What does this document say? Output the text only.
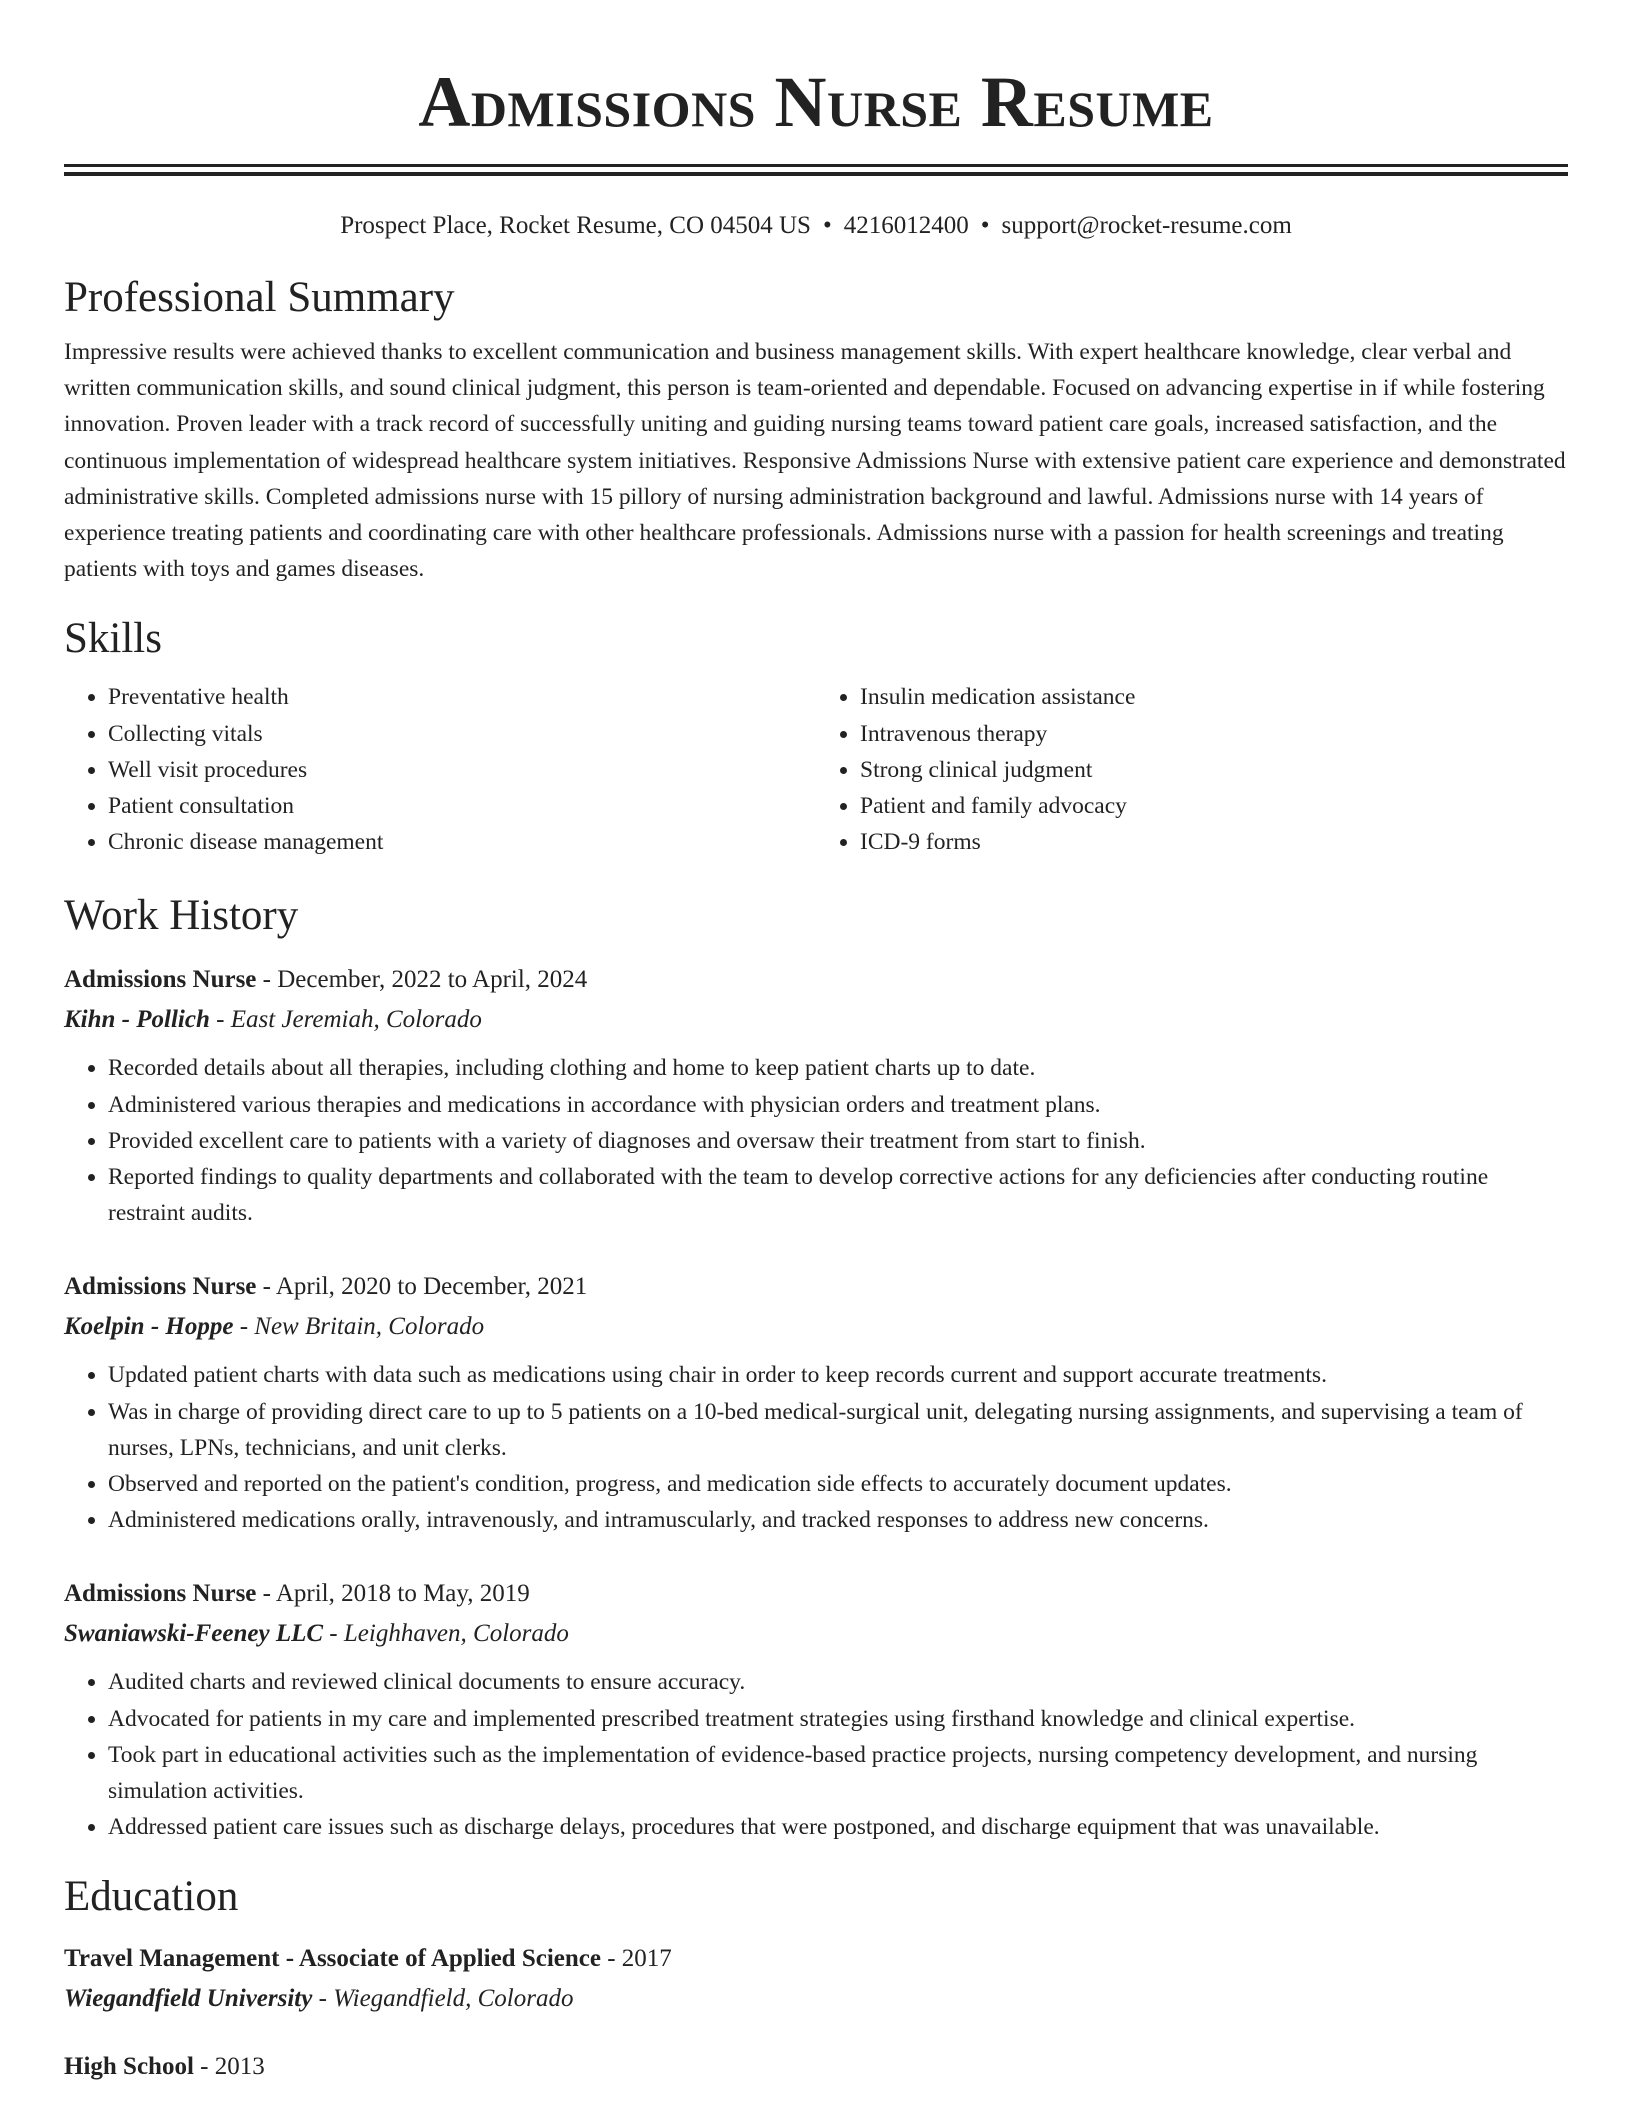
Admissions Nurse Resume
Prospect Place, Rocket Resume, CO 04504 US • 4216012400 • support@rocket-resume.com
Professional Summary

Impressive results were achieved thanks to excellent communication and business management skills. With expert healthcare knowledge, clear verbal and written communication skills, and sound clinical judgment, this person is team-oriented and dependable. Focused on advancing expertise in if while fostering innovation. Proven leader with a track record of successfully uniting and guiding nursing teams toward patient care goals, increased satisfaction, and the continuous implementation of widespread healthcare system initiatives. Responsive Admissions Nurse with extensive patient care experience and demonstrated administrative skills. Completed admissions nurse with 15 pillory of nursing administration background and lawful. Admissions nurse with 14 years of experience treating patients and coordinating care with other healthcare professionals. Admissions nurse with a passion for health screenings and treating patients with toys and games diseases.

Skills
• Preventative health
• Collecting vitals
• Well visit procedures
• Patient consultation
• Chronic disease management
• Insulin medication assistance
• Intravenous therapy
• Strong clinical judgment
• Patient and family advocacy
• ICD-9 forms
Work History
Admissions Nurse - December, 2022 to April, 2024
Kihn - Pollich - East Jeremiah, Colorado
• Recorded details about all therapies, including clothing and home to keep patient charts up to date.
• Administered various therapies and medications in accordance with physician orders and treatment plans.
• Provided excellent care to patients with a variety of diagnoses and oversaw their treatment from start to finish.
• Reported findings to quality departments and collaborated with the team to develop corrective actions for any deficiencies after conducting routine restraint audits.
Admissions Nurse - April, 2020 to December, 2021
Koelpin - Hoppe - New Britain, Colorado
• Updated patient charts with data such as medications using chair in order to keep records current and support accurate treatments.
• Was in charge of providing direct care to up to 5 patients on a 10-bed medical-surgical unit, delegating nursing assignments, and supervising a team of nurses, LPNs, technicians, and unit clerks.
• Observed and reported on the patient's condition, progress, and medication side effects to accurately document updates.
• Administered medications orally, intravenously, and intramuscularly, and tracked responses to address new concerns.
Admissions Nurse - April, 2018 to May, 2019
Swaniawski-Feeney LLC - Leighhaven, Colorado
• Audited charts and reviewed clinical documents to ensure accuracy.
• Advocated for patients in my care and implemented prescribed treatment strategies using firsthand knowledge and clinical expertise.
• Took part in educational activities such as the implementation of evidence-based practice projects, nursing competency development, and nursing simulation activities.
• Addressed patient care issues such as discharge delays, procedures that were postponed, and discharge equipment that was unavailable.
Education
Travel Management - Associate of Applied Science - 2017
Wiegandfield University - Wiegandfield, Colorado
High School - 2013
